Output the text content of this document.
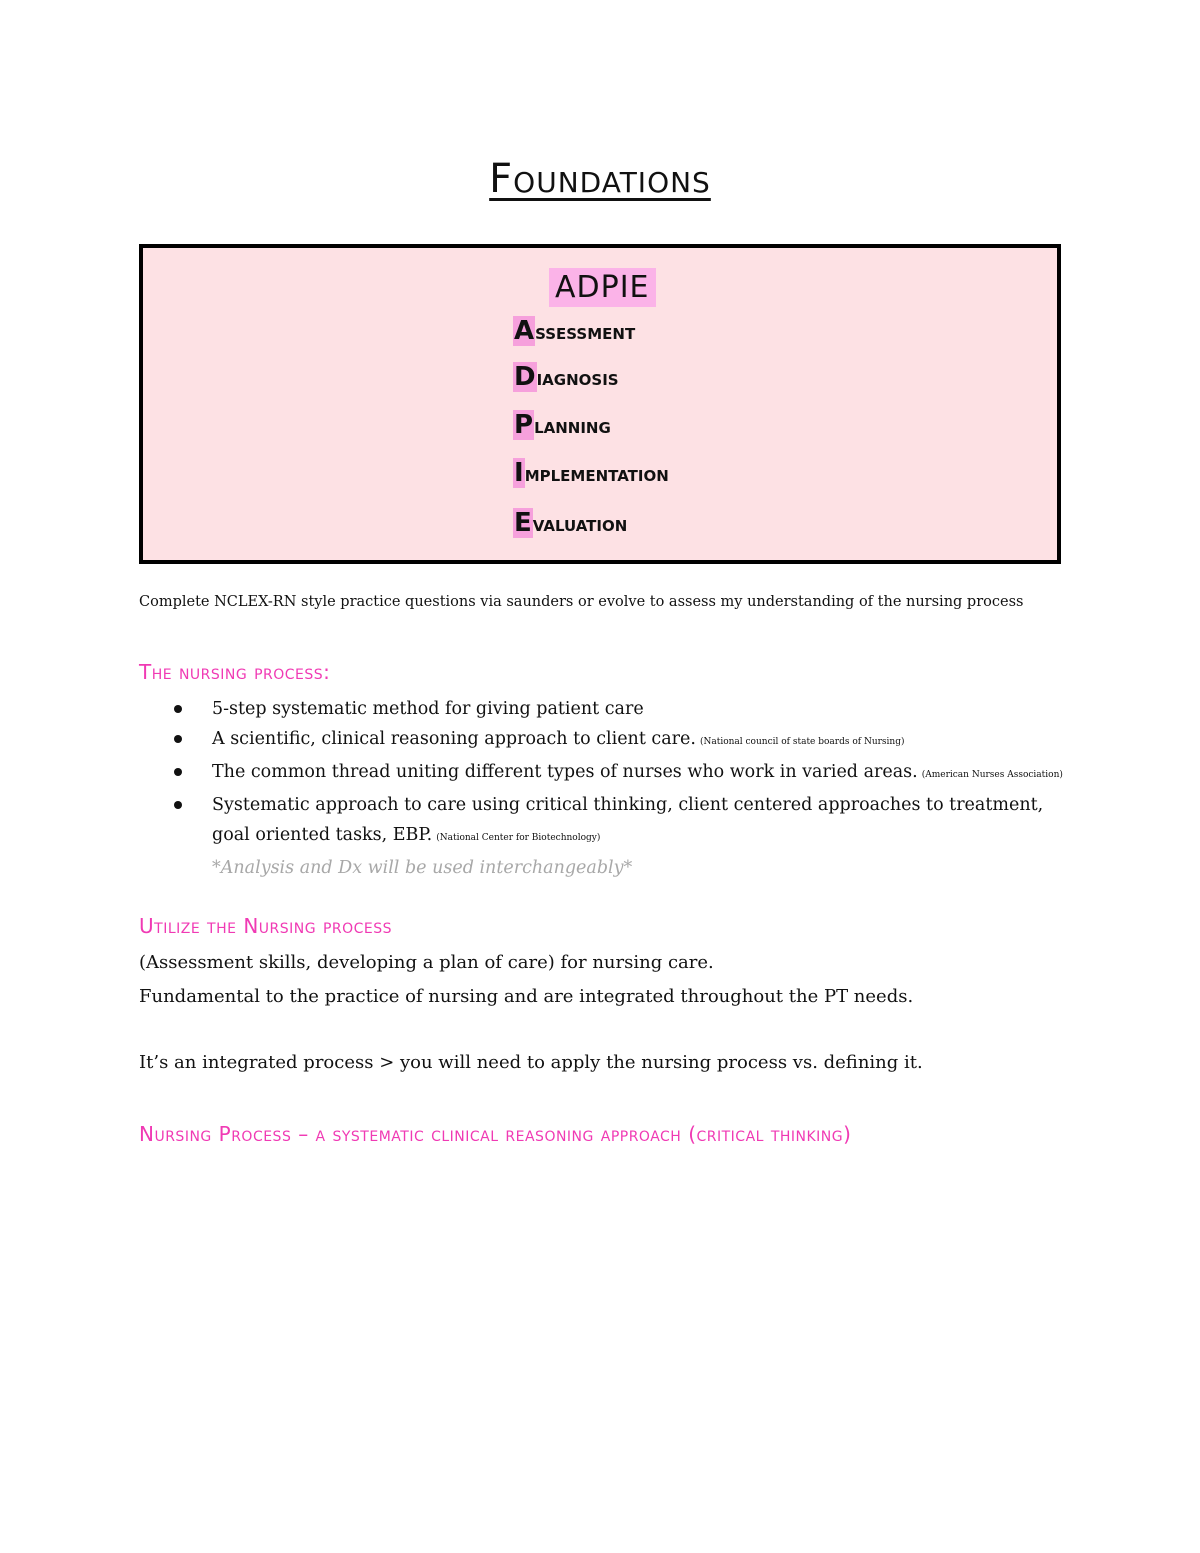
Foundations
ADPIE
Assessment
Diagnosis
Planning
Implementation
Evaluation
Complete NCLEX-RN style practice questions via saunders or evolve to assess my understanding of the nursing process
The nursing process:
5-step systematic method for giving patient care
A scientific, clinical reasoning approach to client care. (National council of state boards of Nursing)
The common thread uniting different types of nurses who work in varied areas. (American Nurses Association)
Systematic approach to care using critical thinking, client centered approaches to treatment,
goal oriented tasks, EBP. (National Center for Biotechnology)
*Analysis and Dx will be used interchangeably*
Utilize the Nursing process
(Assessment skills, developing a plan of care) for nursing care.
Fundamental to the practice of nursing and are integrated throughout the PT needs.
It’s an integrated process > you will need to apply the nursing process vs. defining it.
Nursing Process – a systematic clinical reasoning approach (critical thinking)
